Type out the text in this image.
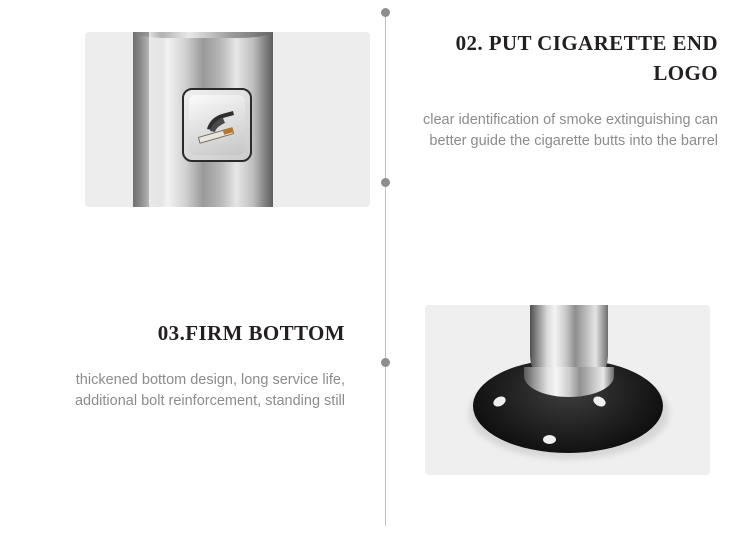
02. PUT CIGARETTE END LOGO

clear identification of smoke extinguishing can better guide the cigarette butts into the barrel

03.FIRM BOTTOM

thickened bottom design, long service life, additional bolt reinforcement, standing still
